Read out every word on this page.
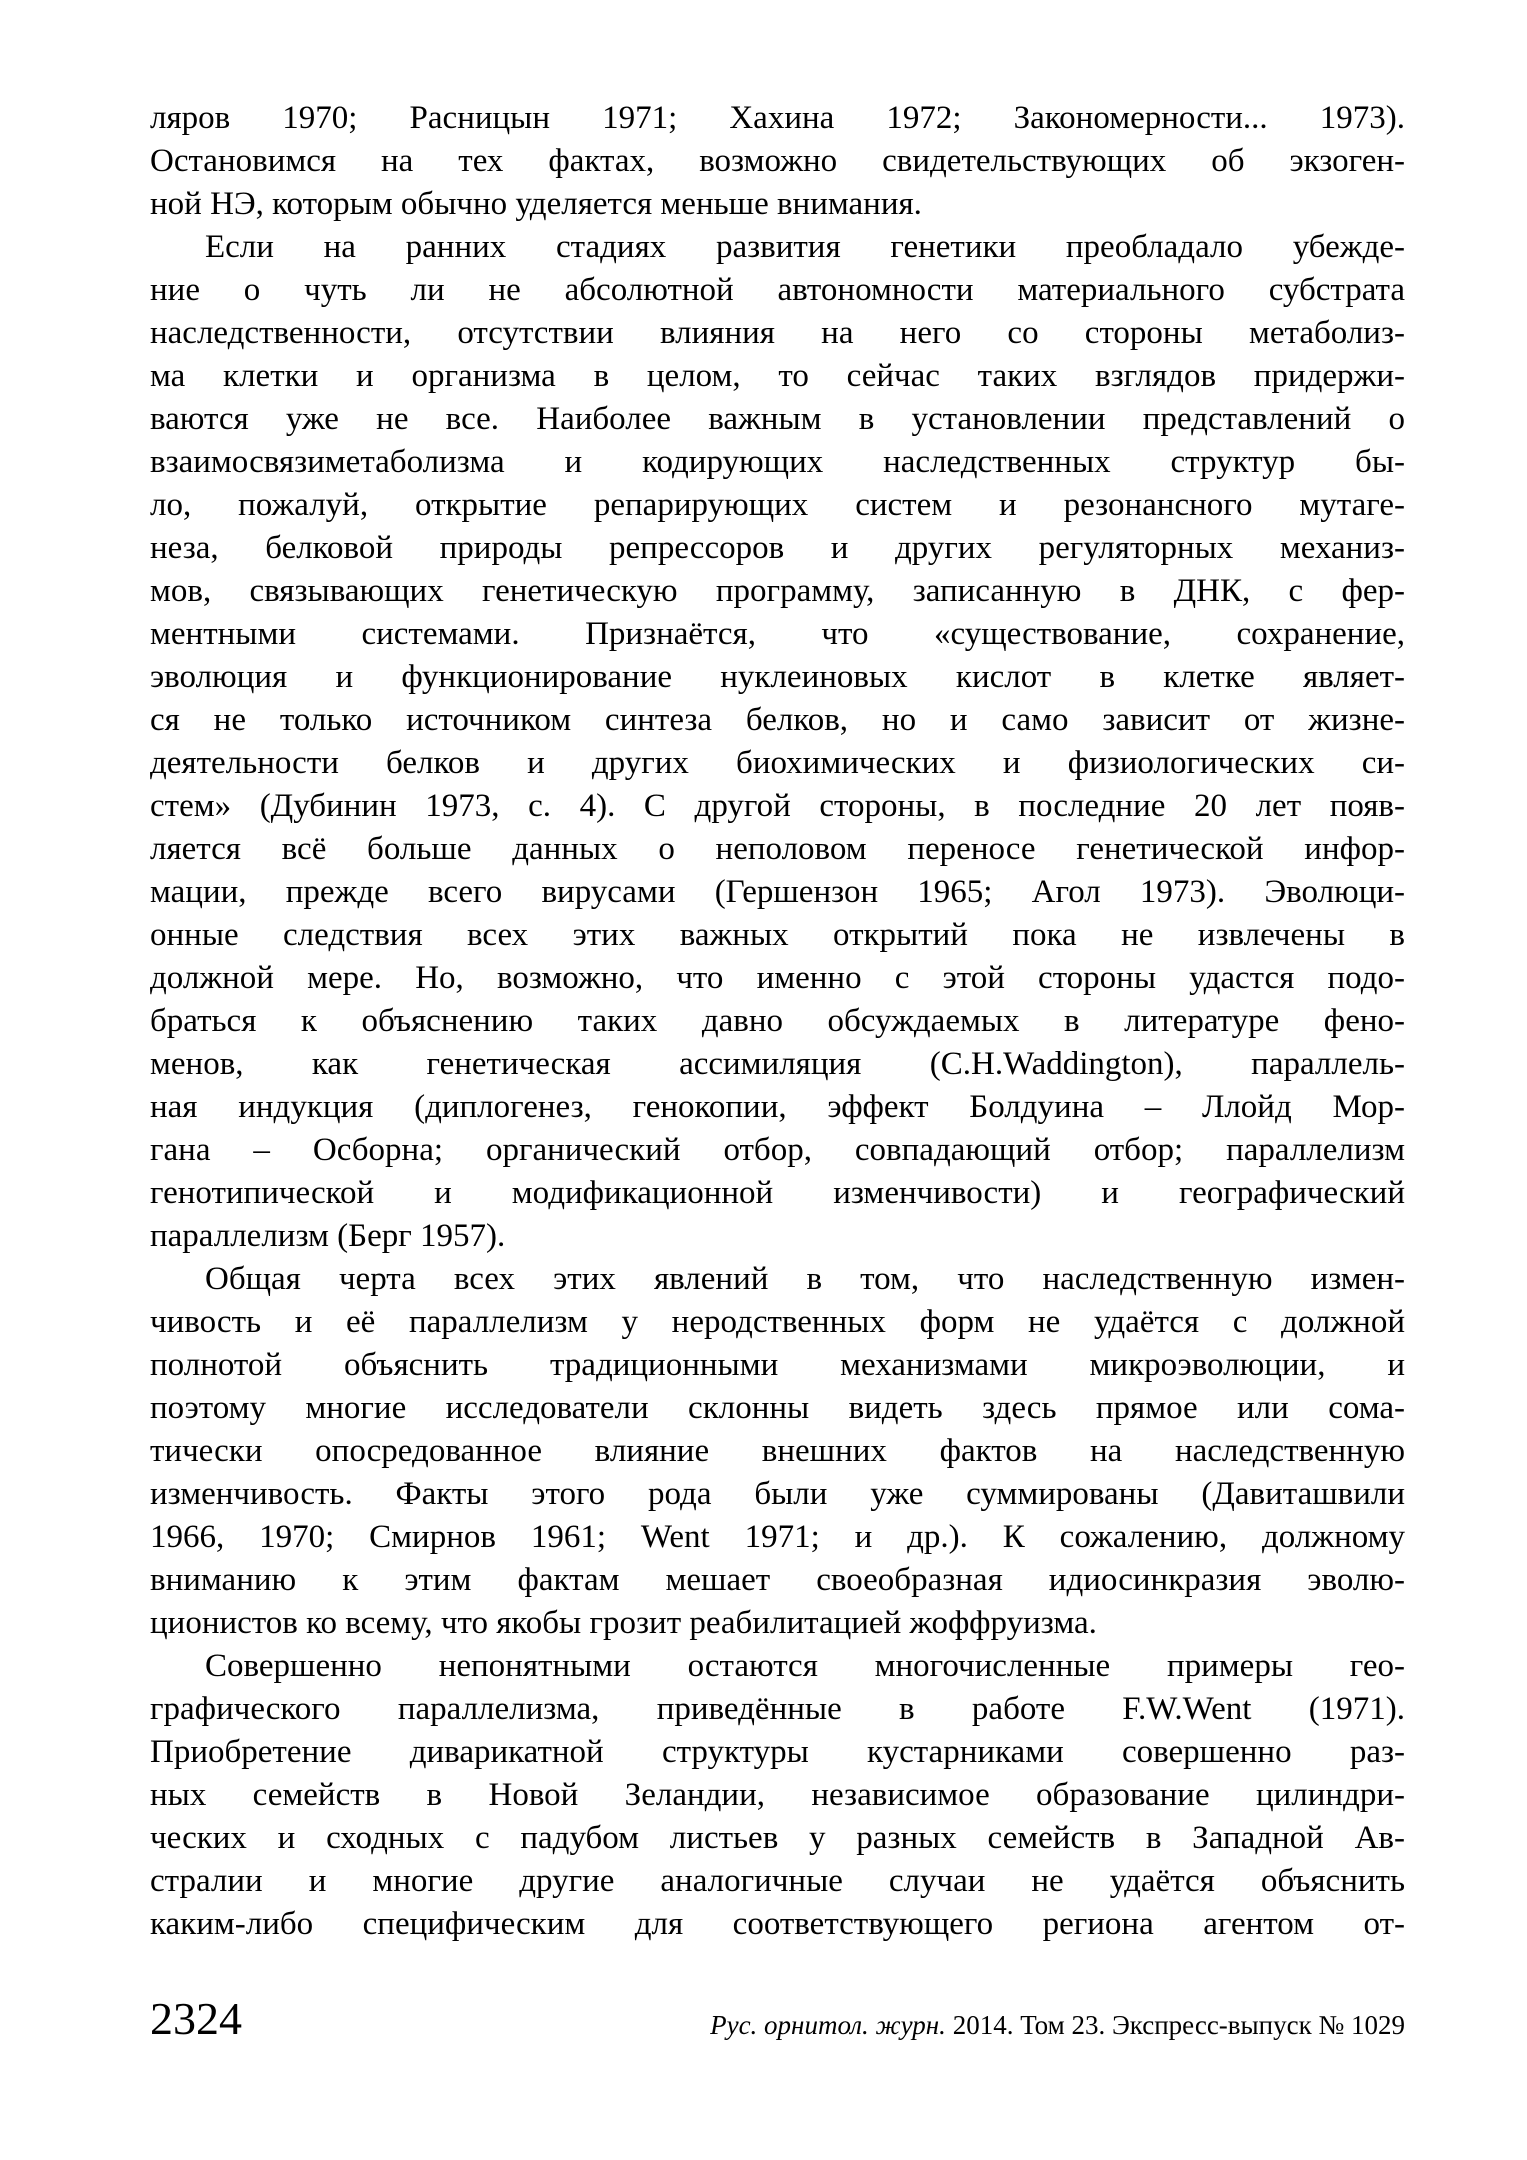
ляров 1970; Расницын 1971; Хахина 1972; Закономерности... 1973).
Остановимся на тех фактах, возможно свидетельствующих об экзоген-
ной НЭ, которым обычно уделяется меньше внимания.
Если на ранних стадиях развития генетики преобладало убежде-
ние о чуть ли не абсолютной автономности материального субстрата
наследственности, отсутствии влияния на него со стороны метаболиз-
ма клетки и организма в целом, то сейчас таких взглядов придержи-
ваются уже не все. Наиболее важным в установлении представлений о
взаимосвязиметаболизма и кодирующих наследственных структур бы-
ло, пожалуй, открытие репарирующих систем и резонансного мутаге-
неза, белковой природы репрессоров и других регуляторных механиз-
мов, связывающих генетическую программу, записанную в ДНК, с фер-
ментными системами. Признаётся, что «существование, сохранение,
эволюция и функционирование нуклеиновых кислот в клетке являет-
ся не только источником синтеза белков, но и само зависит от жизне-
деятельности белков и других биохимических и физиологических си-
стем» (Дубинин 1973, с. 4). С другой стороны, в последние 20 лет появ-
ляется всё больше данных о неполовом переносе генетической инфор-
мации, прежде всего вирусами (Гершензон 1965; Агол 1973). Эволюци-
онные следствия всех этих важных открытий пока не извлечены в
должной мере. Но, возможно, что именно с этой стороны удастся подо-
браться к объяснению таких давно обсуждаемых в литературе фено-
менов, как генетическая ассимиляция (C.H.Waddington), параллель-
ная индукция (диплогенез, генокопии, эффект Болдуина – Ллойд Мор-
гана – Осборна; органический отбор, совпадающий отбор; параллелизм
генотипической и модификационной изменчивости) и географический
параллелизм (Берг 1957).
Общая черта всех этих явлений в том, что наследственную измен-
чивость и её параллелизм у неродственных форм не удаётся с должной
полнотой объяснить традиционными механизмами микроэволюции, и
поэтому многие исследователи склонны видеть здесь прямое или сома-
тически опосредованное влияние внешних фактов на наследственную
изменчивость. Факты этого рода были уже суммированы (Давиташвили
1966, 1970; Смирнов 1961; Went 1971; и др.). К сожалению, должному
вниманию к этим фактам мешает своеобразная идиосинкразия эволю-
ционистов ко всему, что якобы грозит реабилитацией жоффруизма.
Совершенно непонятными остаются многочисленные примеры гео-
графического параллелизма, приведённые в работе F.W.Went (1971).
Приобретение диварикатной структуры кустарниками совершенно раз-
ных семейств в Новой Зеландии, независимое образование цилиндри-
ческих и сходных с падубом листьев у разных семейств в Западной Ав-
стралии и многие другие аналогичные случаи не удаётся объяснить
каким-либо специфическим для соответствующего региона агентом от-
2324	Рус. орнитол. журн. 2014. Том 23. Экспресс-выпуск № 1029
